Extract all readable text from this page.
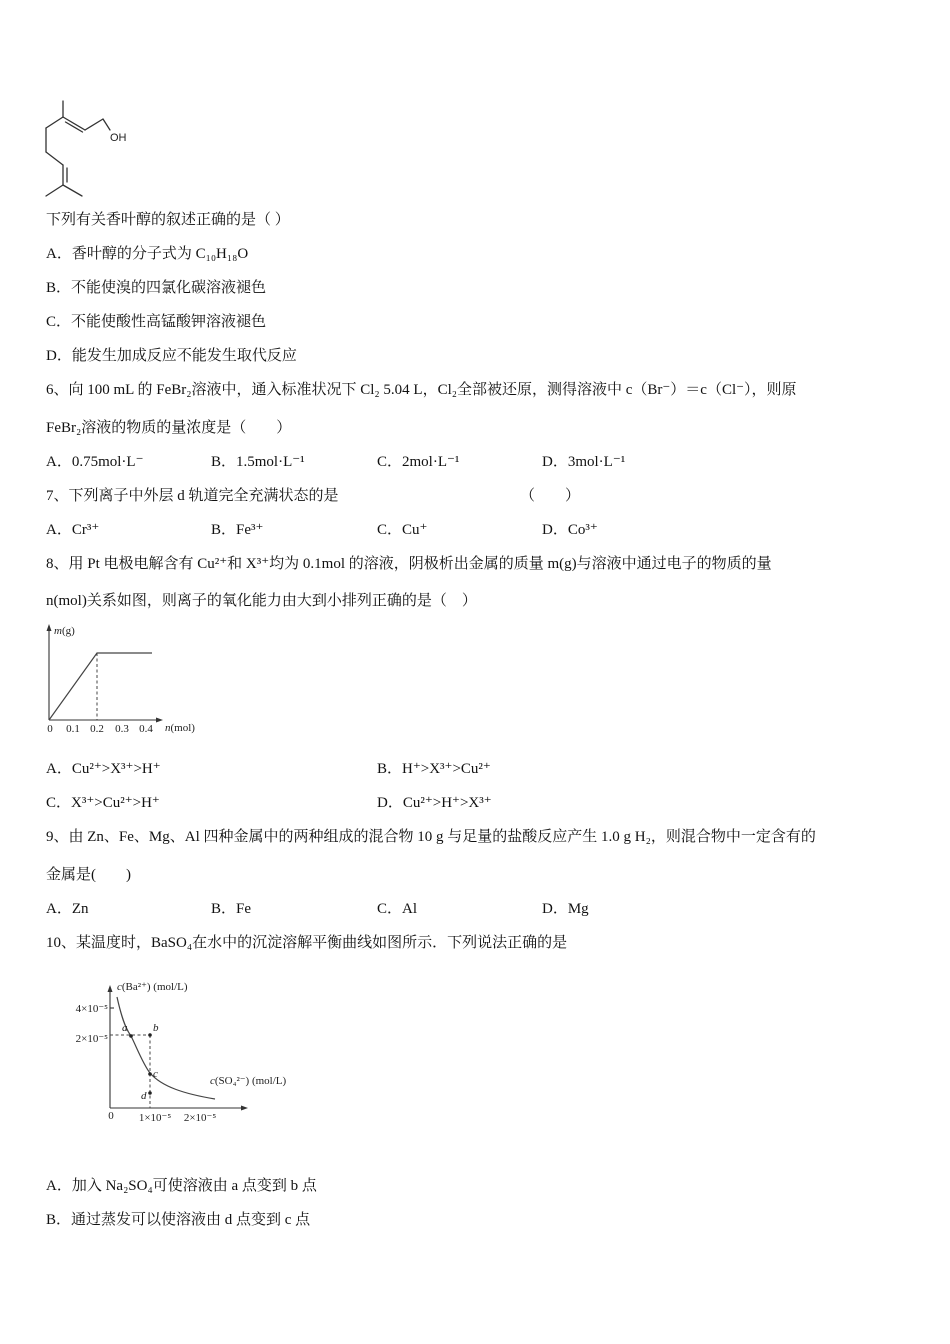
OH
下列有关香叶醇的叙述正确的是（ ）
A．香叶醇的分子式为 C₁₀H₁₈O
B．不能使溴的四氯化碳溶液褪色
C．不能使酸性高锰酸钾溶液褪色
D．能发生加成反应不能发生取代反应
6、向 100 mL 的 FeBr₂溶液中，通入标准状况下 Cl₂ 5.04 L，Cl₂全部被还原，测得溶液中 c（Br⁻）＝c（Cl⁻），则原
FeBr₂溶液的物质的量浓度是（　　）
A．0.75mol·L⁻	B．1.5mol·L⁻¹	C．2mol·L⁻¹	D．3mol·L⁻¹
7、下列离子中外层 d 轨道完全充满状态的是	（　　）
A．Cr³⁺	B．Fe³⁺	C．Cu⁺	D．Co³⁺
8、用 Pt 电极电解含有 Cu²⁺和 X³⁺均为 0.1mol 的溶液，阴极析出金属的质量 m(g)与溶液中通过电子的物质的量
n(mol)关系如图，则离子的氧化能力由大到小排列正确的是（　）
m(g)
0 0.1 0.2 0.3 0.4 n(mol)
A．Cu²⁺>X³⁺>H⁺	B．H⁺>X³⁺>Cu²⁺
C．X³⁺>Cu²⁺>H⁺	D．Cu²⁺>H⁺>X³⁺
9、由 Zn、Fe、Mg、Al 四种金属中的两种组成的混合物 10 g 与足量的盐酸反应产生 1.0 g H₂，则混合物中一定含有的
金属是(　　)
A．Zn	B．Fe	C．Al	D．Mg
10、某温度时，BaSO₄在水中的沉淀溶解平衡曲线如图所示．下列说法正确的是
c(Ba²⁺) (mol/L)
4×10⁻⁵
2×10⁻⁵
a b
c
d
c(SO₄²⁻) (mol/L)
0 1×10⁻⁵ 2×10⁻⁵
A．加入 Na₂SO₄可使溶液由 a 点变到 b 点
B．通过蒸发可以使溶液由 d 点变到 c 点
